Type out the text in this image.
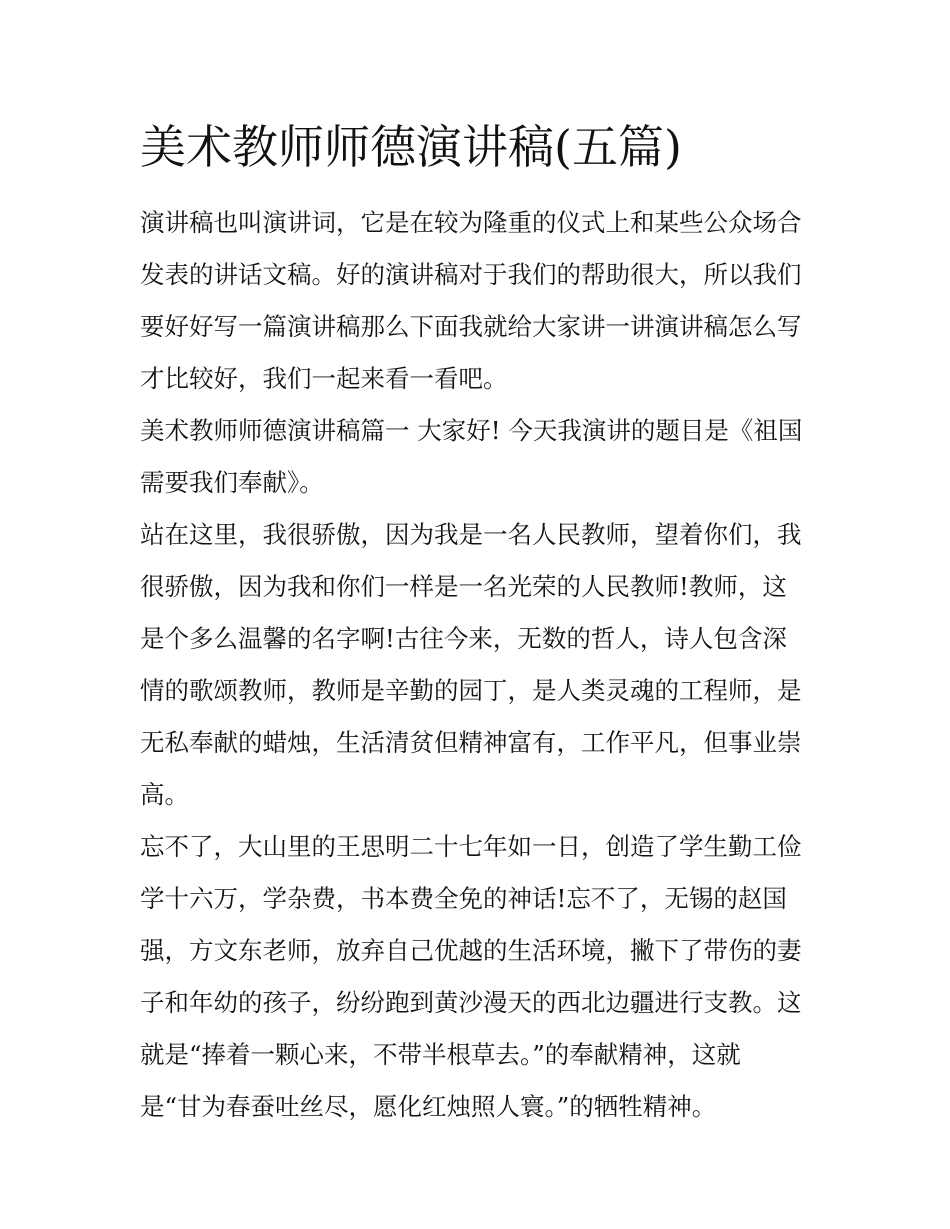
美术教师师德演讲稿(五篇)
演讲稿也叫演讲词，它是在较为隆重的仪式上和某些公众场合
发表的讲话文稿。好的演讲稿对于我们的帮助很大，所以我们
要好好写一篇演讲稿那么下面我就给大家讲一讲演讲稿怎么写
才比较好，我们一起来看一看吧。
美术教师师德演讲稿篇一 大家好! 今天我演讲的题目是《祖国
需要我们奉献》。
站在这里，我很骄傲，因为我是一名人民教师，望着你们，我
很骄傲，因为我和你们一样是一名光荣的人民教师!教师，这
是个多么温馨的名字啊!古往今来，无数的哲人，诗人包含深
情的歌颂教师，教师是辛勤的园丁，是人类灵魂的工程师，是
无私奉献的蜡烛，生活清贫但精神富有，工作平凡，但事业崇
高。
忘不了，大山里的王思明二十七年如一日，创造了学生勤工俭
学十六万，学杂费，书本费全免的神话!忘不了，无锡的赵国
强，方文东老师，放弃自己优越的生活环境，撇下了带伤的妻
子和年幼的孩子，纷纷跑到黄沙漫天的西北边疆进行支教。这
就是“捧着一颗心来，不带半根草去。”的奉献精神，这就
是“甘为春蚕吐丝尽，愿化红烛照人寰。”的牺牲精神。
